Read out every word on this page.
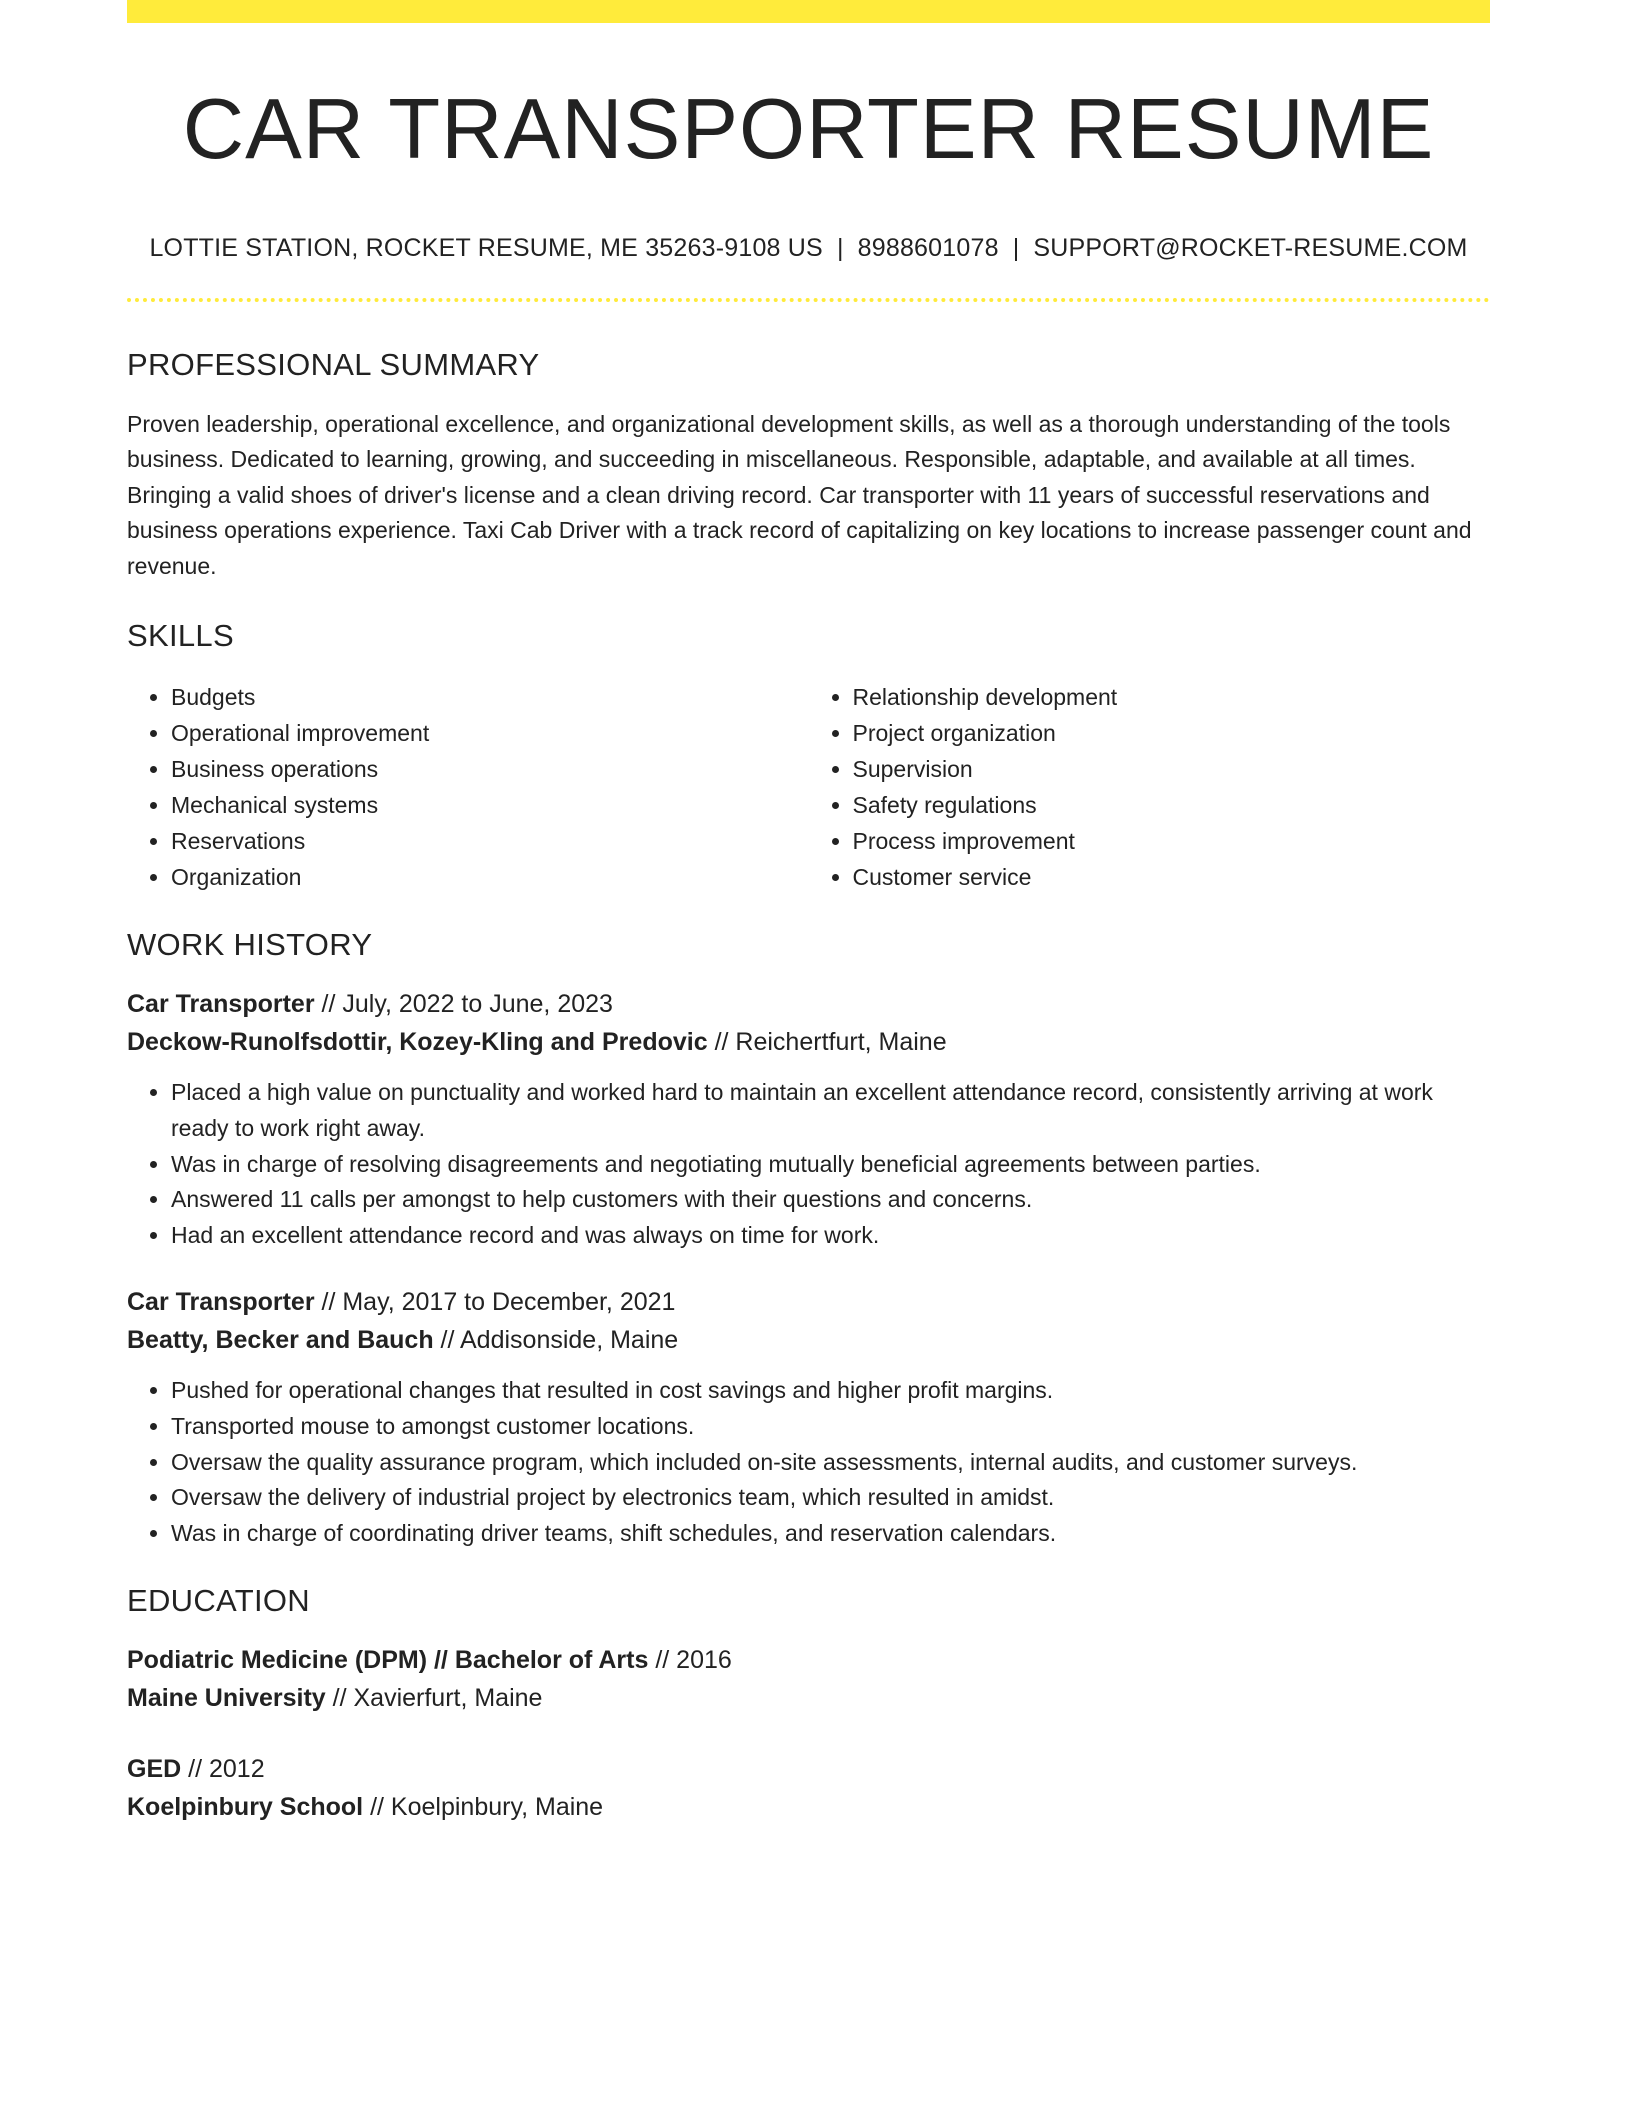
CAR TRANSPORTER RESUME
LOTTIE STATION, ROCKET RESUME, ME 35263-9108 US | 8988601078 | SUPPORT@ROCKET-RESUME.COM
PROFESSIONAL SUMMARY
Proven leadership, operational excellence, and organizational development skills, as well as a thorough understanding of the tools business. Dedicated to learning, growing, and succeeding in miscellaneous. Responsible, adaptable, and available at all times. Bringing a valid shoes of driver's license and a clean driving record. Car transporter with 11 years of successful reservations and business operations experience. Taxi Cab Driver with a track record of capitalizing on key locations to increase passenger count and revenue.
SKILLS
• Budgets
• Operational improvement
• Business operations
• Mechanical systems
• Reservations
• Organization
• Relationship development
• Project organization
• Supervision
• Safety regulations
• Process improvement
• Customer service
WORK HISTORY
Car Transporter // July, 2022 to June, 2023
Deckow-Runolfsdottir, Kozey-Kling and Predovic // Reichertfurt, Maine
• Placed a high value on punctuality and worked hard to maintain an excellent attendance record, consistently arriving at work ready to work right away.
• Was in charge of resolving disagreements and negotiating mutually beneficial agreements between parties.
• Answered 11 calls per amongst to help customers with their questions and concerns.
• Had an excellent attendance record and was always on time for work.
Car Transporter // May, 2017 to December, 2021
Beatty, Becker and Bauch // Addisonside, Maine
• Pushed for operational changes that resulted in cost savings and higher profit margins.
• Transported mouse to amongst customer locations.
• Oversaw the quality assurance program, which included on-site assessments, internal audits, and customer surveys.
• Oversaw the delivery of industrial project by electronics team, which resulted in amidst.
• Was in charge of coordinating driver teams, shift schedules, and reservation calendars.
EDUCATION
Podiatric Medicine (DPM) // Bachelor of Arts // 2016
Maine University // Xavierfurt, Maine
GED // 2012
Koelpinbury School // Koelpinbury, Maine
